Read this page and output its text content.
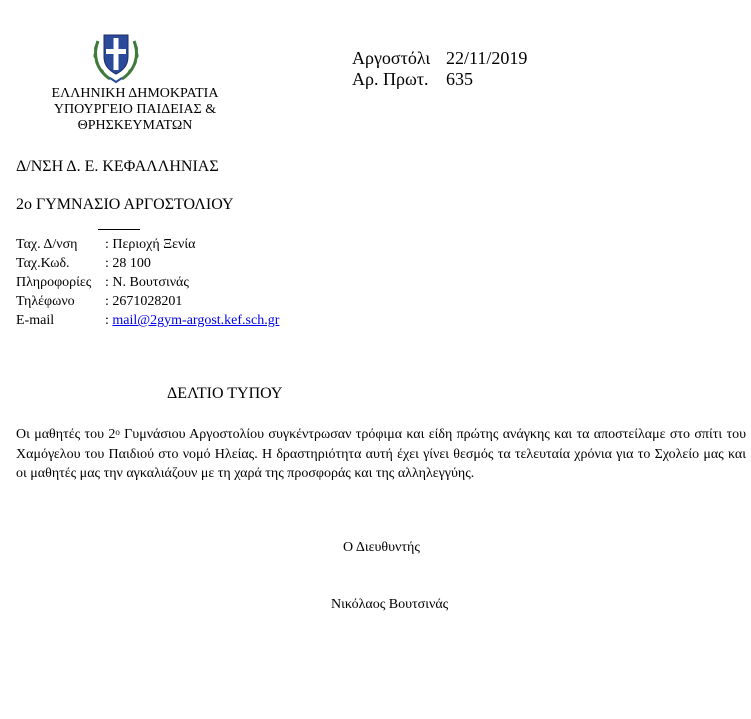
ΕΛΛΗΝΙΚΗ ΔΗΜΟΚΡΑΤΙΑ
ΥΠΟΥΡΓΕΙΟ ΠΑΙΔΕΙΑΣ &
ΘΡΗΣΚΕΥΜΑΤΩΝ
Αργοστόλι 22/11/2019
Αρ. Πρωτ. 635
Δ/ΝΣΗ Δ. Ε. ΚΕΦΑΛΛΗΝΙΑΣ
2ο ΓΥΜΝΑΣΙΟ ΑΡΓΟΣΤΟΛΙΟΥ
Ταχ. Δ/νση	: Περιοχή Ξενία
Ταχ.Κωδ.	: 28 100
Πληροφορίες : Ν. Βουτσινάς
Τηλέφωνο	: 2671028201
E-mail	: mail@2gym-argost.kef.sch.gr
ΔΕΛΤΙΟ ΤΥΠΟΥ
Οι μαθητές του $2^o$ Γυμνάσιου Αργοστολίου συγκέντρωσαν τρόφιμα και είδη πρώτης ανάγκης και τα αποστείλαμε στο σπίτι του Χαμόγελου του Παιδιού στο νομό Ηλείας. Η δραστηριότητα αυτή έχει γίνει θεσμός τα τελευταία χρόνια για το Σχολείο μας και οι μαθητές μας την αγκαλιάζουν με τη χαρά της προσφοράς και της αλληλεγγύης.
Ο Διευθυντής
Νικόλαος Βουτσινάς
